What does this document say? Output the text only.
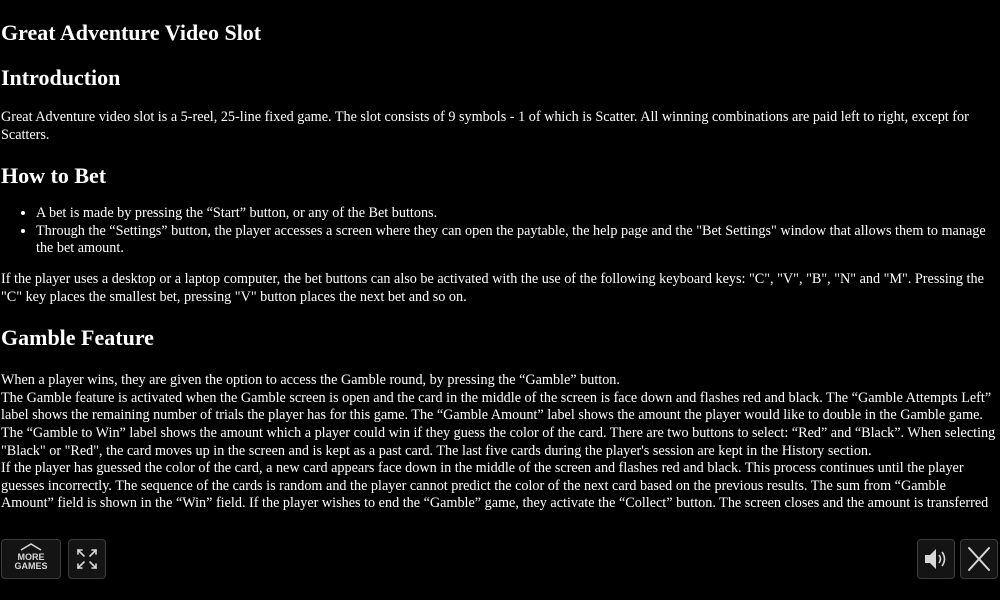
Great Adventure Video Slot
Introduction

Great Adventure video slot is a 5-reel, 25-line fixed game. The slot consists of 9 symbols - 1 of which is Scatter. All winning combinations are paid left to right, except for Scatters.

How to Bet
• A bet is made by pressing the “Start” button, or any of the Bet buttons.
• Through the “Settings” button, the player accesses a screen where they can open the paytable, the help page and the "Bet Settings" window that allows them to manage the bet amount.

If the player uses a desktop or a laptop computer, the bet buttons can also be activated with the use of the following keyboard keys: "C", "V", "B", "N" and "M". Pressing the "C" key places the smallest bet, pressing "V" button places the next bet and so on.

Gamble Feature

When a player wins, they are given the option to access the Gamble round, by pressing the “Gamble” button.

The Gamble feature is activated when the Gamble screen is open and the card in the middle of the screen is face down and flashes red and black. The “Gamble Attempts Left” label shows the remaining number of trials the player has for this game. The “Gamble Amount” label shows the amount the player would like to double in the Gamble game. The “Gamble to Win” label shows the amount which a player could win if they guess the color of the card. There are two buttons to select: “Red” and “Black”. When selecting "Black" or "Red", the card moves up in the screen and is kept as a past card. The last five cards during the player's session are kept in the History section.

If the player has guessed the color of the card, a new card appears face down in the middle of the screen and flashes red and black. This process continues until the player guesses incorrectly. The sequence of the cards is random and the player cannot predict the color of the next card based on the previous results. The sum from “Gamble Amount” field is shown in the “Win” field. If the player wishes to end the “Gamble” game, they activate the “Collect” button. The screen closes and the amount is transferred

MORE
GAMES
